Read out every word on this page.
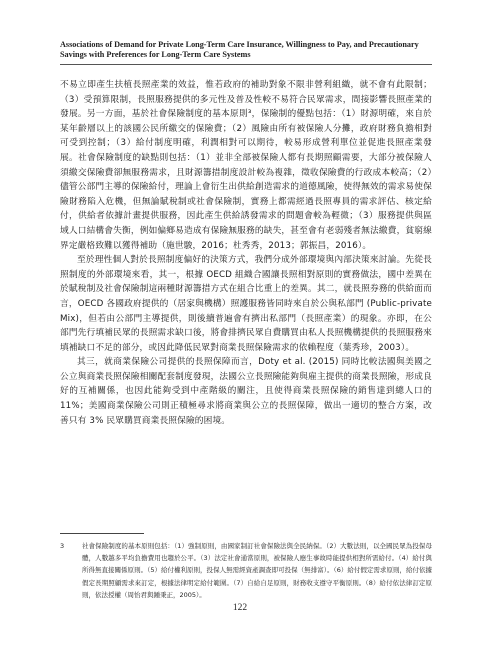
Associations of Demand for Private Long-Term Care Insurance, Willingness to Pay, and Precautionary
Savings with Preferences for Long-Term Care Systems

不易立即產生扶植長照產業的效益，惟若政府的補助對象不限非營利組織，就不會有此限制；（3）受預算限制，長照服務提供的多元性及普及性較不易符合民眾需求，間接影響長照產業的發展。另一方面，基於社會保險制度的基本原則³，保險制的優點包括：（1）財源明確，來自於某年齡層以上的該國公民所繳交的保險費；（2）風險由所有被保險人分攤，政府財務負擔相對可受到控制；（3）給付制度明確，利潤相對可以期待，較易形成營利單位並促進長照產業發展。社會保險制度的缺點則包括：（1）並非全部被保險人都有長期照顧需要，大部分被保險人須繳交保險費卻無服務需求，且財源籌措制度設計較為複雜，徵收保險費的行政成本較高；（2）儘管公部門主導的保險給付，理論上會衍生出供給創造需求的道德風險，使得無效的需求易使保險財務陷入危機，但無論賦稅制或社會保險制，實務上都需經過長照專員的需求評估、核定給付，供給者依據計畫提供服務，因此產生供給誘發需求的問題會較為輕微；（3）服務提供與區域人口結構會失衡，例如偏鄉易造成有保險無服務的缺失，甚至會有老弱殘者無法繳費，貧窮線界定嚴格致難以獲得補助（施世駿，2016；杜秀秀，2013；郭振昌，2016）。

至於理性個人對於長照制度偏好的決策方式，我們分成外部環境與內部決策來討論。先從長照制度的外部環境來看，其一，根據 OECD 組織合國讓長照相對原則的實務做法，國中差異在於賦稅制及社會保險制這兩種財源籌措方式在組合比重上的差異。其二，就長照券務的供給面而言，OECD 各國政府提供的（居家與機構）照護服務皆同時來自於公與私部門 (Public-private Mix)，但若由公部門主導提供，則後續普遍會有擠出私部門（長照產業）的現象。亦即，在公部門先行填補民眾的長照需求缺口後，將會排擠民眾自費購買由私人長照機構提供的長照服務來填補缺口不足的部分，或因此降低民眾對商業長照保險需求的依賴程度（葉秀珍，2003）。

其三，就商業保險公司提供的長照保障而言，Doty et al. (2015) 同時比較法國與美國之公立與商業長照保險相關配套制度發現，法國公立長照險能夠與雇主提供的商業長照險，形成良好的互補關係，也因此能夠受到中產階級的關注，且使得商業長照保險的銷售達到總人口的 11%；美國商業保險公司則正積極尋求將商業與公立的長照保障，做出一適切的整合方案，改善只有 3% 民眾購買商業長照保險的困境。

3	社會保險制度的基本原則包括：（1）強制原則，由國家制訂社會保險法與全民納保。（2）大數法則，以全國民眾為投保母體，人數越多平均負擔費用也趨於公平。（3）法定社會通當原則，被保險人應生事故時能提供相對所需給付。（4）給付與所得無直接關係原則。（5）給付權利原則，投保人無需經資產調查即可投保（無排富）。（6）給付假定需求原則，給付依據假定長期照顧需求來訂定，根據法律明定給付範圍。（7）自給自足原則，財務收支遵守平衡原則。（8）給付依法律訂定原則，依法授權（周怡君與鍾秉正，2005）。
122
